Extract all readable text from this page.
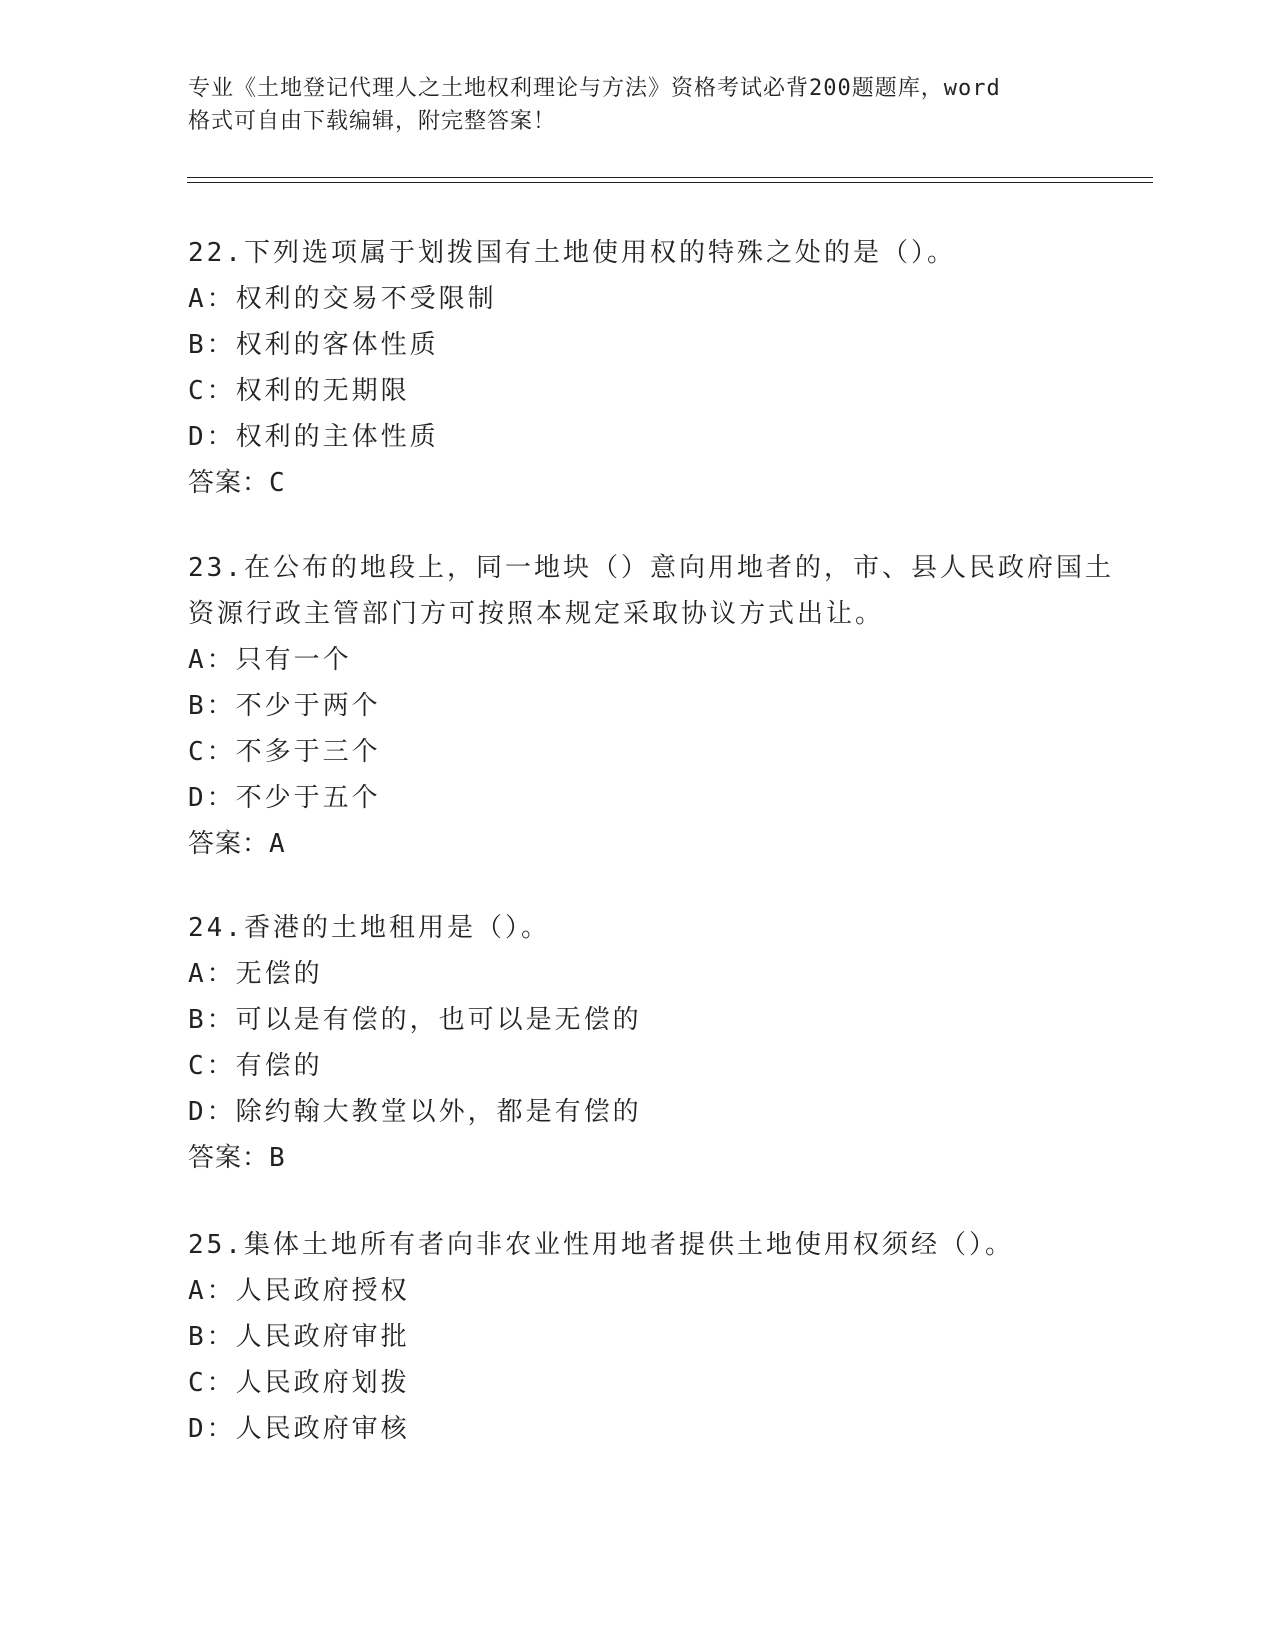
专业《土地登记代理人之土地权利理论与方法》资格考试必背200题题库，word
格式可自由下载编辑，附完整答案！
22.下列选项属于划拨国有土地使用权的特殊之处的是（）。
A：权利的交易不受限制
B：权利的客体性质
C：权利的无期限
D：权利的主体性质
答案：C
23.在公布的地段上，同一地块（）意向用地者的，市、县人民政府国土资源行政主管部门方可按照本规定采取协议方式出让。
A：只有一个
B：不少于两个
C：不多于三个
D：不少于五个
答案：A
24.香港的土地租用是（）。
A：无偿的
B：可以是有偿的，也可以是无偿的
C：有偿的
D：除约翰大教堂以外，都是有偿的
答案：B
25.集体土地所有者向非农业性用地者提供土地使用权须经（）。
A：人民政府授权
B：人民政府审批
C：人民政府划拨
D：人民政府审核
